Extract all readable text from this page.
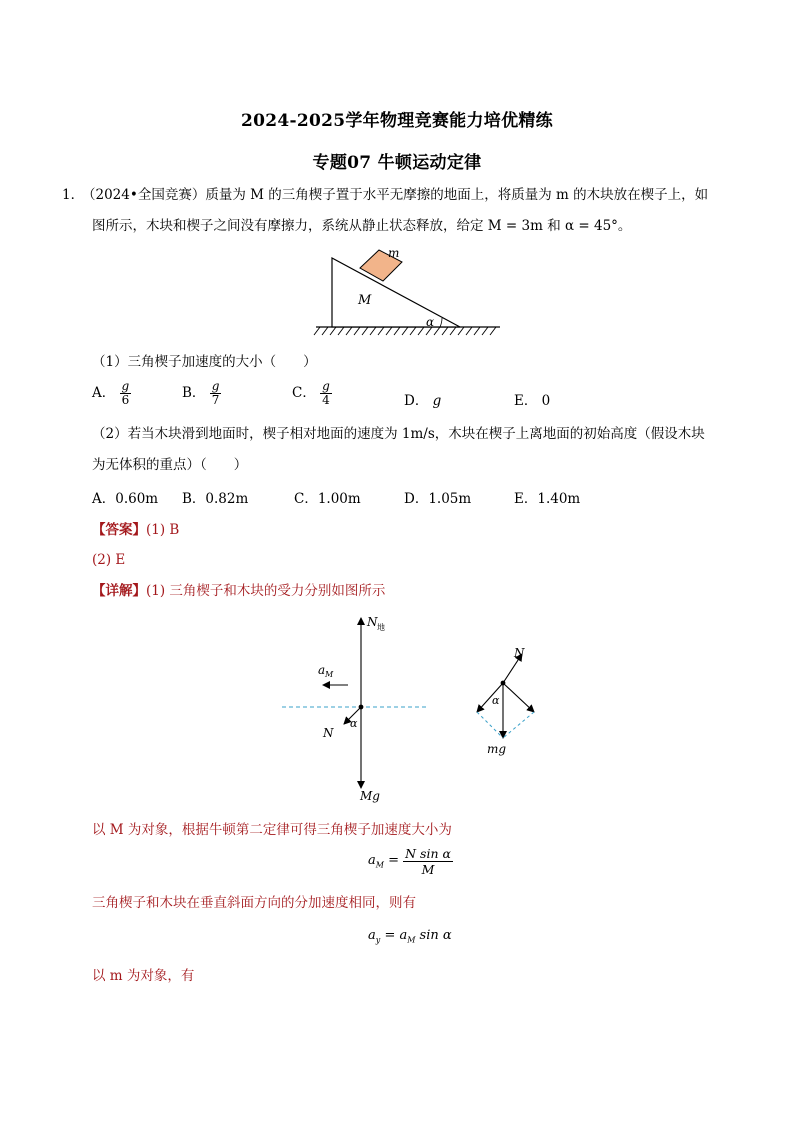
2024-2025学年物理竞赛能力培优精练
专题07 牛顿运动定律
1．
（2024•全国竞赛）质量为 M 的三角楔子置于水平无摩擦的地面上，将质量为 m 的木块放在楔子上，如
图所示，木块和楔子之间没有摩擦力，系统从静止状态释放，给定 M = 3m 和 α = 45°。
m
M
α
（1）三角楔子加速度的大小（　　）
A． $\frac{g}{6}$	B． $\frac{g}{7}$	C． $\frac{g}{4}$	D． g	E． 0
（2）若当木块滑到地面时，楔子相对地面的速度为 1m/s，木块在楔子上离地面的初始高度（假设木块
为无体积的重点）（　　）
A．0.60m B．0.82m	C．1.00m	D．1.05m	E．1.40m
【答案】(1) B
(2) E
【详解】(1) 三角楔子和木块的受力分别如图所示
N 地
a M
N
α
Mg
N
α
mg
以 M 为对象，根据牛顿第二定律可得三角楔子加速度大小为
$a_M = \frac{\text{N sin α}}{M}$
三角楔子和木块在垂直斜面方向的分加速度相同，则有
$a_y = a_M$ sin α
以 m 为对象，有
